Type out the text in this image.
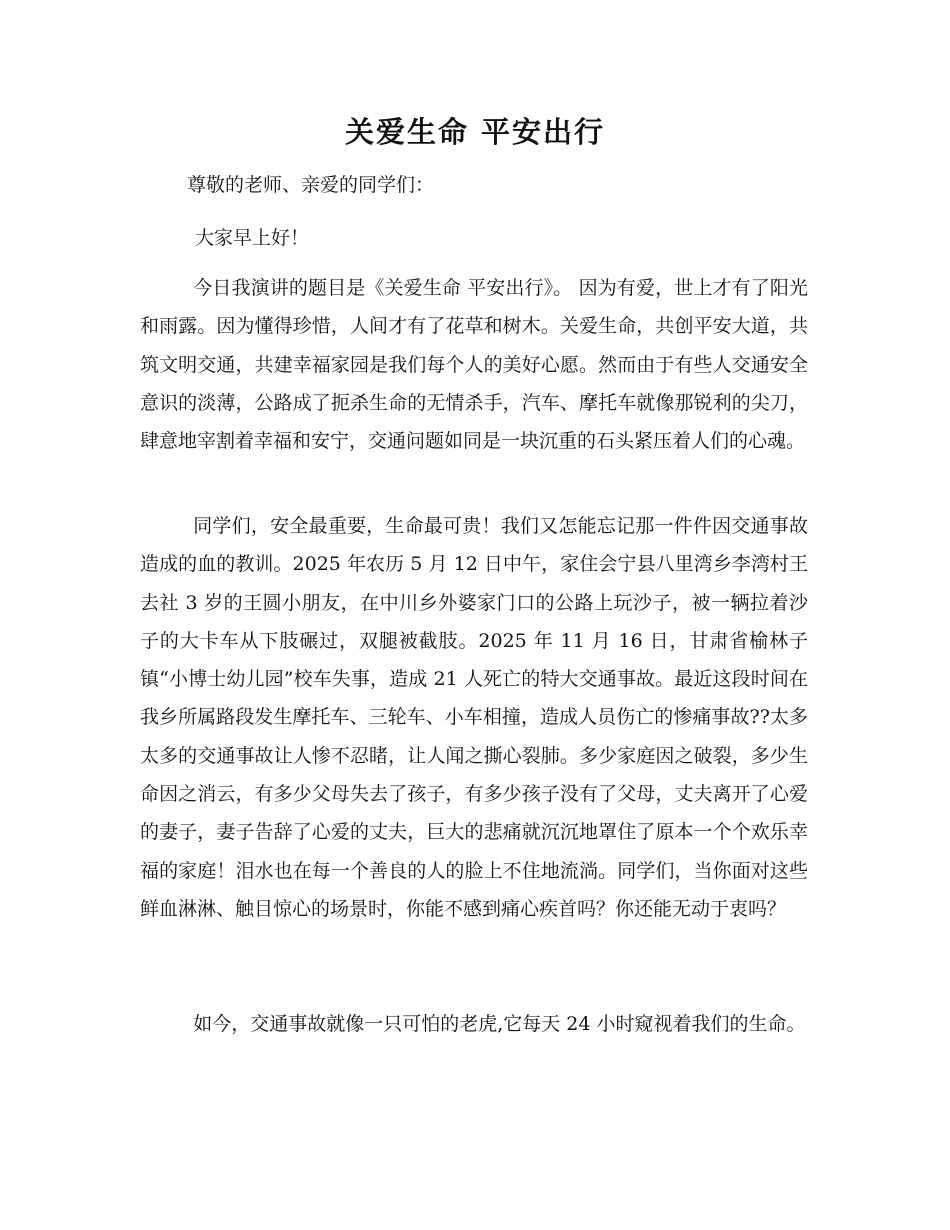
关爱生命 平安出行

尊敬的老师、亲爱的同学们：

大家早上好！

今日我演讲的题目是《关爱生命 平安出行》。 因为有爱，世上才有了阳光和雨露。因为懂得珍惜，人间才有了花草和树木。关爱生命，共创平安大道，共筑文明交通，共建幸福家园是我们每个人的美好心愿。然而由于有些人交通安全意识的淡薄，公路成了扼杀生命的无情杀手，汽车、摩托车就像那锐利的尖刀，肆意地宰割着幸福和安宁，交通问题如同是一块沉重的石头紧压着人们的心魂。

同学们，安全最重要，生命最可贵！我们又怎能忘记那一件件因交通事故造成的血的教训。2025 年农历 5 月 12 日中午，家住会宁县八里湾乡李湾村王去社 3 岁的王圆小朋友，在中川乡外婆家门口的公路上玩沙子，被一辆拉着沙子的大卡车从下肢碾过，双腿被截肢。2025 年 11 月 16 日，甘肃省榆林子镇“小博士幼儿园”校车失事，造成 21 人死亡的特大交通事故。最近这段时间在我乡所属路段发生摩托车、三轮车、小车相撞，造成人员伤亡的惨痛事故??太多太多的交通事故让人惨不忍睹，让人闻之撕心裂肺。多少家庭因之破裂，多少生命因之消云，有多少父母失去了孩子，有多少孩子没有了父母，丈夫离开了心爱的妻子，妻子告辞了心爱的丈夫，巨大的悲痛就沉沉地罩住了原本一个个欢乐幸福的家庭！泪水也在每一个善良的人的脸上不住地流淌。同学们，当你面对这些鲜血淋淋、触目惊心的场景时，你能不感到痛心疾首吗？你还能无动于衷吗？

如今，交通事故就像一只可怕的老虎,它每天 24 小时窥视着我们的生命。
